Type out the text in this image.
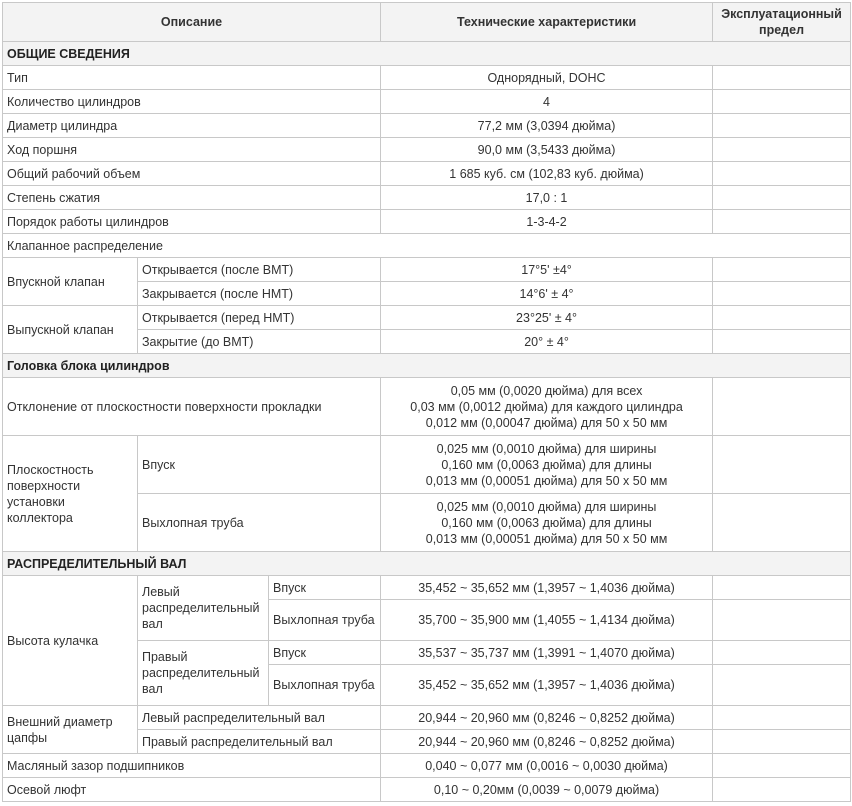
Описание			Технические характеристики	Эксплуатационный предел
ОБЩИЕ СВЕДЕНИЯ				
Тип			Однорядный, DOHC	
Количество цилиндров			4	
Диаметр цилиндра			77,2 мм (3,0394 дюйма)	
Ход поршня			90,0 мм (3,5433 дюйма)	
Общий рабочий объем			1 685 куб. см (102,83 куб. дюйма)	
Степень сжатия			17,0 : 1	
Порядок работы цилиндров			1-3-4-2	
Клапанное распределение				
Впускной клапан	Открывается (после ВМТ)		17°5' ±4°	
	Закрывается (после НМТ)		14°6' ± 4°	
Выпускной клапан	Открывается (перед НМТ)		23°25' ± 4°	
	Закрытие (до ВМТ)		20° ± 4°	
Головка блока цилиндров				
Отклонение от плоскостности поверхности прокладки			0,05 мм (0,0020 дюйма) для всех
0,03 мм (0,0012 дюйма) для каждого цилиндра
0,012 мм (0,00047 дюйма) для 50 x 50 мм	
Плоскостность поверхности установки коллектора	Впуск		0,025 мм (0,0010 дюйма) для ширины
0,160 мм (0,0063 дюйма) для длины
0,013 мм (0,00051 дюйма) для 50 x 50 мм	
	Выхлопная труба		0,025 мм (0,0010 дюйма) для ширины
0,160 мм (0,0063 дюйма) для длины
0,013 мм (0,00051 дюйма) для 50 x 50 мм	
РАСПРЕДЕЛИТЕЛЬНЫЙ ВАЛ				
Высота кулачка	Левый распределительный вал	Впуск	35,452 ~ 35,652 мм (1,3957 ~ 1,4036 дюйма)	
		Выхлопная труба	35,700 ~ 35,900 мм (1,4055 ~ 1,4134 дюйма)	
	Правый распределительный вал	Впуск	35,537 ~ 35,737 мм (1,3991 ~ 1,4070 дюйма)	
		Выхлопная труба	35,452 ~ 35,652 мм (1,3957 ~ 1,4036 дюйма)	
Внешний диаметр цапфы	Левый распределительный вал		20,944 ~ 20,960 мм (0,8246 ~ 0,8252 дюйма)	
	Правый распределительный вал		20,944 ~ 20,960 мм (0,8246 ~ 0,8252 дюйма)	
Масляный зазор подшипников			0,040 ~ 0,077 мм (0,0016 ~ 0,0030 дюйма)	
Осевой люфт			0,10 ~ 0,20мм (0,0039 ~ 0,0079 дюйма)	
